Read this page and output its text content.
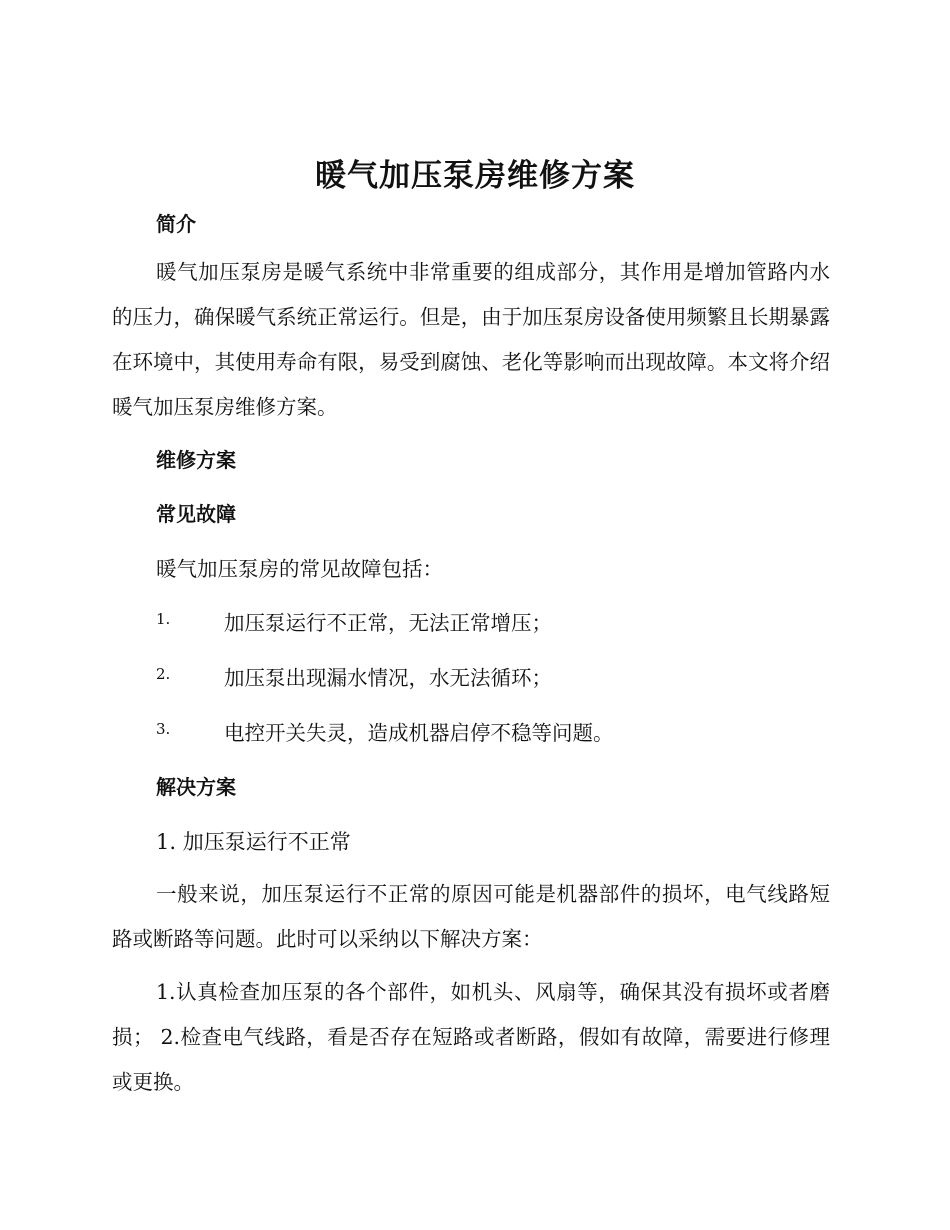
暖气加压泵房维修方案
简介

暖气加压泵房是暖气系统中非常重要的组成部分，其作用是增加管路内水的压力，确保暖气系统正常运行。但是，由于加压泵房设备使用频繁且长期暴露在环境中，其使用寿命有限，易受到腐蚀、老化等影响而出现故障。本文将介绍暖气加压泵房维修方案。

维修方案
常见故障
暖气加压泵房的常见故障包括：
1.	加压泵运行不正常，无法正常增压；
2.	加压泵出现漏水情况，水无法循环；
3.	电控开关失灵，造成机器启停不稳等问题。
解决方案
1. 加压泵运行不正常

一般来说，加压泵运行不正常的原因可能是机器部件的损坏，电气线路短路或断路等问题。此时可以采纳以下解决方案：

1.认真检查加压泵的各个部件，如机头、风扇等，确保其没有损坏或者磨损； 2.检查电气线路，看是否存在短路或者断路，假如有故障，需要进行修理或更换。
